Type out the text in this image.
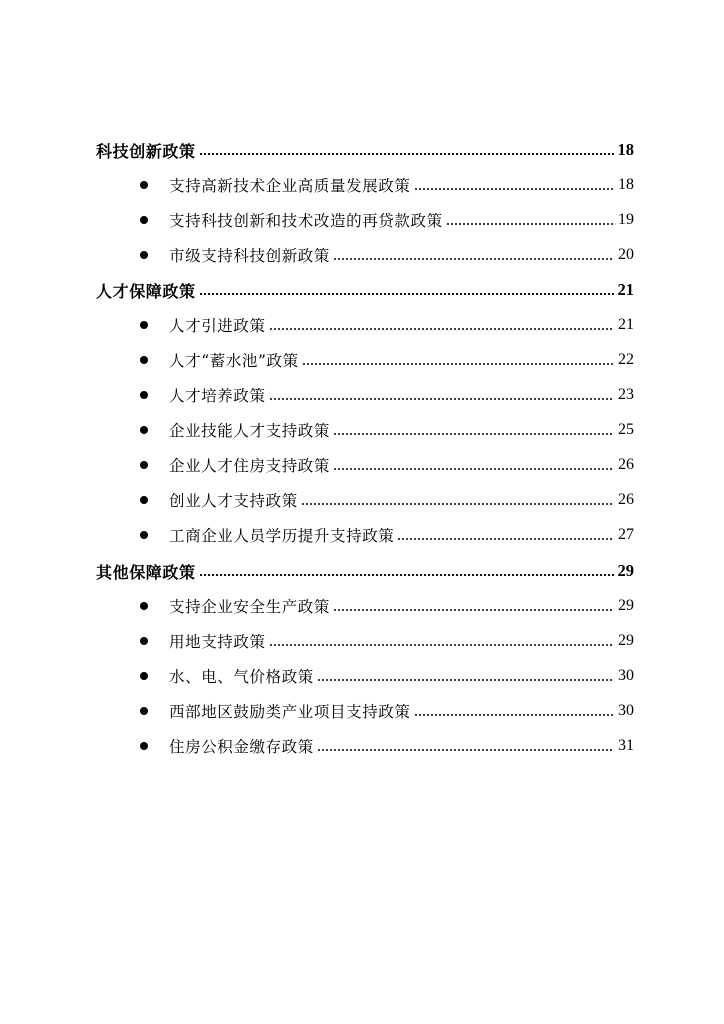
科技创新政策	18
支持高新技术企业高质量发展政策	18
支持科技创新和技术改造的再贷款政策	19
市级支持科技创新政策	20
人才保障政策	21
人才引进政策	21
人才“蓄水池”政策	22
人才培养政策	23
企业技能人才支持政策	25
企业人才住房支持政策	26
创业人才支持政策	26
工商企业人员学历提升支持政策	27
其他保障政策	29
支持企业安全生产政策	29
用地支持政策	29
水、电、气价格政策	30
西部地区鼓励类产业项目支持政策	30
住房公积金缴存政策	31
